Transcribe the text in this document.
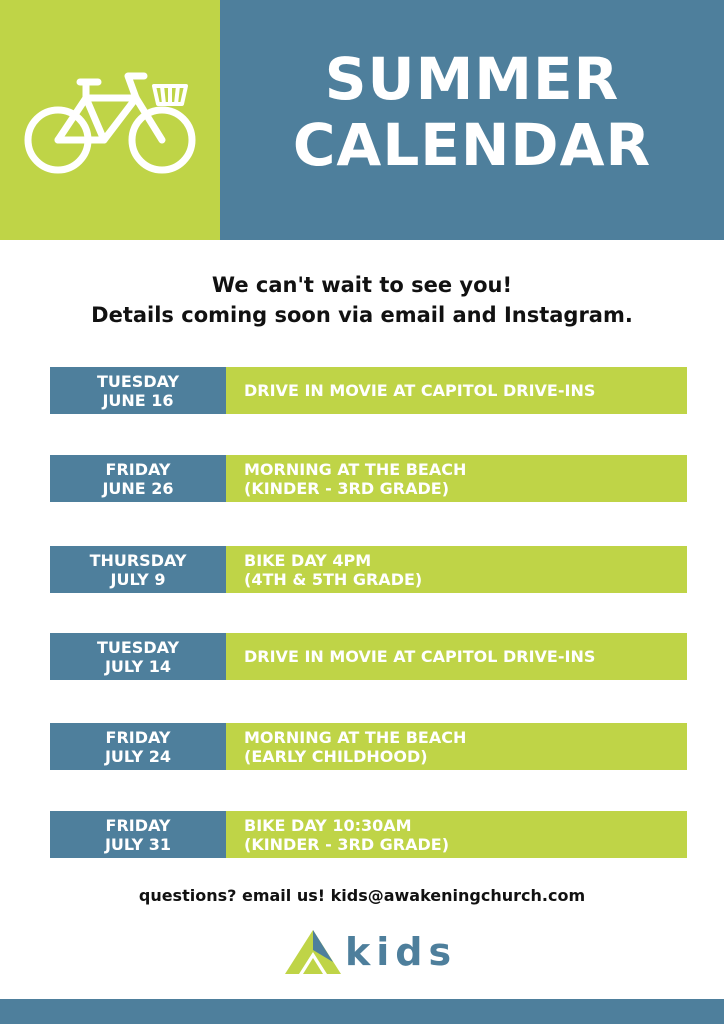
SUMMER
CALENDAR
We can't wait to see you!
Details coming soon via email and Instagram.
TUESDAY
JUNE 16	DRIVE IN MOVIE AT CAPITOL DRIVE-INS
FRIDAY
JUNE 26
MORNING AT THE BEACH
(KINDER - 3RD GRADE)
THURSDAY
JULY 9
BIKE DAY 4PM
(4TH & 5TH GRADE)
TUESDAY
JULY 14	DRIVE IN MOVIE AT CAPITOL DRIVE-INS
FRIDAY
JULY 24
MORNING AT THE BEACH
(EARLY CHILDHOOD)
FRIDAY
JULY 31
BIKE DAY 10:30AM
(KINDER - 3RD GRADE)
questions? email us! kids@awakeningchurch.com
kids
